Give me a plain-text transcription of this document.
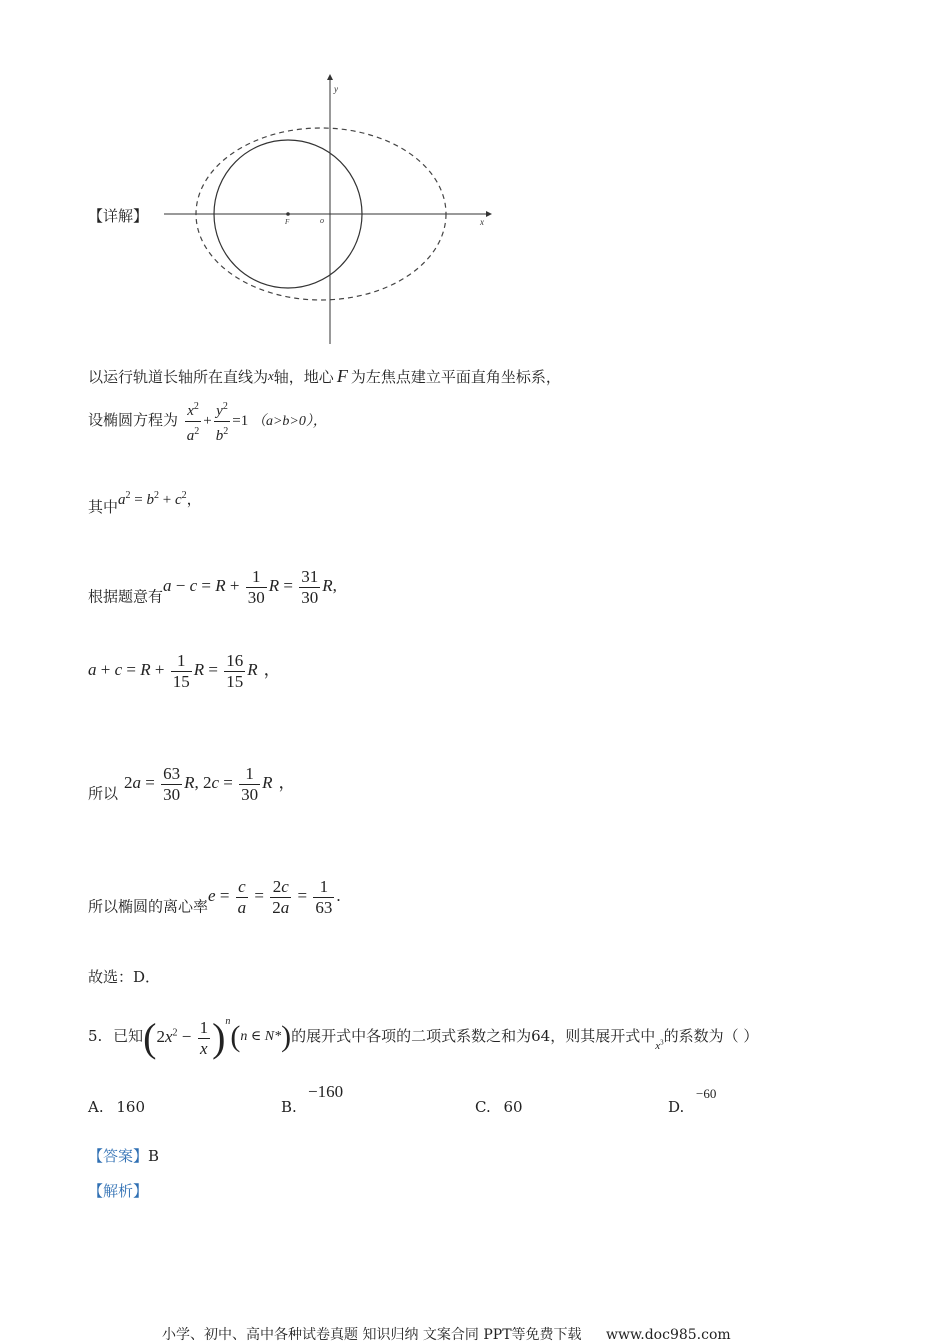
【详解】
y
x
F	o
以运行轨道长轴所在直线为x轴，地心 F 为左焦点建立平面直角坐标系，
设椭圆方程为 $\frac{x^2}{a^2} + \frac{y^2}{b^2} =1$ （a>b>0），
其中$a^2 = b^2 + c^2$，
根据题意有$a - c = R + \frac{1}{30}$ $R = \frac{31}{30} R$,
$a + c = R + \frac{1}{15}$ $R = \frac{16}{15}$ R ，
所以$2a = \frac{63}{30} R$, $2c = \frac{1}{30}$ R ，
所以椭圆的离心率$e = \frac{c}{a} = \frac{2c}{2a} = \frac{1}{63}$ .
故选：D．
5. 已知$(2x^2 - \frac{1}{x} )^n(n$ ∈ N*)的展开式中各项的二项式系数之和为64，则其展开式中$_{x^3}$的系数为（ ）
A. 160	B.
−160
C. 60	D.
−60
【答案】B
【解析】
小学、初中、高中各种试卷真题 知识归纳 文案合同 PPT等免费下载 www.doc985.com
